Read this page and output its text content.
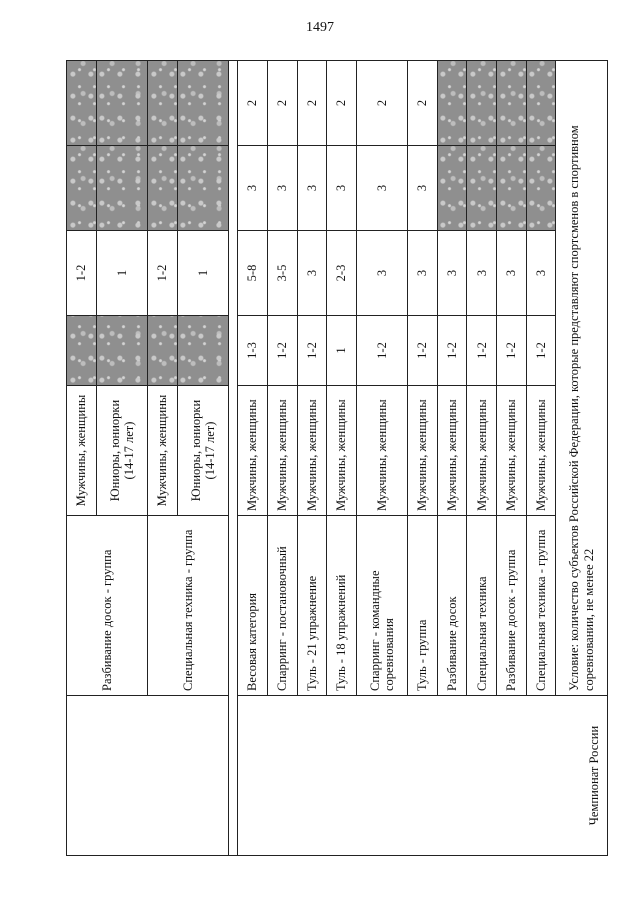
1497
	Разбивание досок - группа	Мужчины, женщины		1-2		
		Юниоры, юниорки (14-17 лет)		1		
	Специальная техника - группа	Мужчины, женщины		1-2		
		Юниоры, юниорки (14-17 лет)		1		

Чемпионат России	Весовая категория	Мужчины, женщины	1-3	5-8	3	2
	Спарринг - постановочный	Мужчины, женщины	1-2	3-5	3	2
	Туль - 21 упражнение	Мужчины, женщины	1-2	3	3	2
	Туль - 18 упражнений	Мужчины, женщины	1	2-3	3	2
	Спарринг - командные соревнования	Мужчины, женщины	1-2	3	3	2
	Туль - группа	Мужчины, женщины	1-2	3	3	2
	Разбивание досок	Мужчины, женщины	1-2	3		
	Специальная техника	Мужчины, женщины	1-2	3		
	Разбивание досок - группа	Мужчины, женщины	1-2	3		
	Специальная техника - группа	Мужчины, женщины	1-2	3		
	Условие: количество субъектов Российской Федерации, которые представляют спортсменов в спортивном соревновании, не менее 22					
